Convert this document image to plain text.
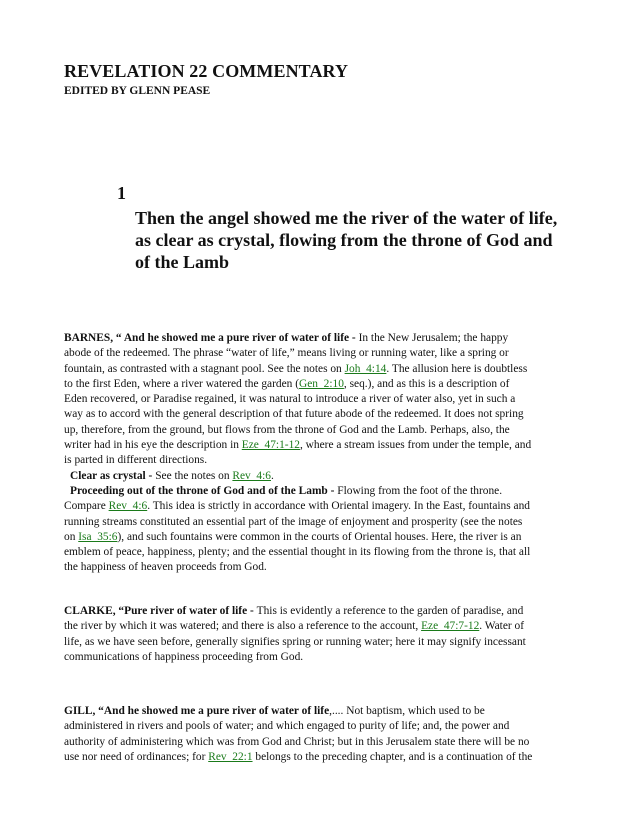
REVELATION 22 COMMENTARY
EDITED BY GLENN PEASE
1
Then the angel showed me the river of the water of life,
as clear as crystal, flowing from the throne of God and
of the Lamb
BARNES, “ And he showed me a pure river of water of life - In the New Jerusalem; the happy
abode of the redeemed. The phrase “water of life,” means living or running water, like a spring or
fountain, as contrasted with a stagnant pool. See the notes on Joh_4:14. The allusion here is doubtless
to the first Eden, where a river watered the garden (Gen_2:10, seq.), and as this is a description of
Eden recovered, or Paradise regained, it was natural to introduce a river of water also, yet in such a
way as to accord with the general description of that future abode of the redeemed. It does not spring
up, therefore, from the ground, but flows from the throne of God and the Lamb. Perhaps, also, the
writer had in his eye the description in Eze_47:1-12, where a stream issues from under the temple, and
is parted in different directions.
Clear as crystal - See the notes on Rev_4:6.
Proceeding out of the throne of God and of the Lamb - Flowing from the foot of the throne.
Compare Rev_4:6. This idea is strictly in accordance with Oriental imagery. In the East, fountains and
running streams constituted an essential part of the image of enjoyment and prosperity (see the notes
on Isa_35:6), and such fountains were common in the courts of Oriental houses. Here, the river is an
emblem of peace, happiness, plenty; and the essential thought in its flowing from the throne is, that all
the happiness of heaven proceeds from God.
CLARKE, “Pure river of water of life - This is evidently a reference to the garden of paradise, and
the river by which it was watered; and there is also a reference to the account, Eze_47:7-12. Water of
life, as we have seen before, generally signifies spring or running water; here it may signify incessant
communications of happiness proceeding from God.
GILL, “And he showed me a pure river of water of life,.... Not baptism, which used to be
administered in rivers and pools of water; and which engaged to purity of life; and, the power and
authority of administering which was from God and Christ; but in this Jerusalem state there will be no
use nor need of ordinances; for Rev_22:1 belongs to the preceding chapter, and is a continuation of the
